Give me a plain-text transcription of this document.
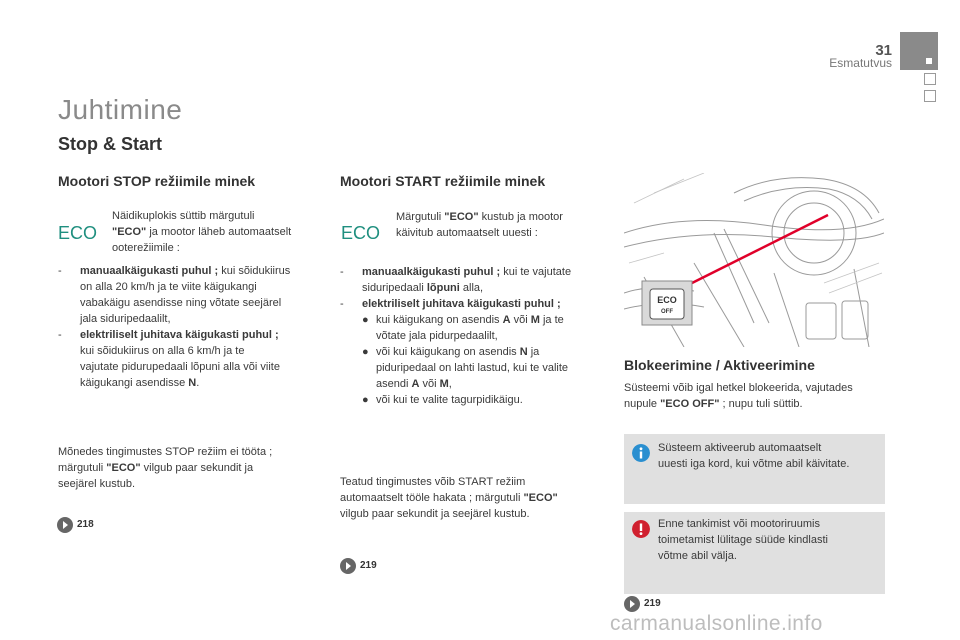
31
Esmatutvus
Juhtimine
Stop & Start
Mootori STOP režiimile minek
ECO
Näidikuplokis süttib märgutuli
"ECO" ja mootor läheb automaatselt
ooterežiimile :
-	manuaalkäigukasti puhul ; kui sõidukiirus
on alla 20 km/h ja te viite käigukangi
vabakäigu asendisse ning võtate seejärel
jala siduripedaalilt,
-	elektriliselt juhitava käigukasti puhul ;
kui sõidukiirus on alla 6 km/h ja te
vajutate pidurupedaali lõpuni alla või viite
käigukangi asendisse N.
Mõnedes tingimustes STOP režiim ei tööta ;
märgutuli "ECO" vilgub paar sekundit ja
seejärel kustub.
218
Mootori START režiimile minek
ECO
Märgutuli "ECO" kustub ja mootor
käivitub automaatselt uuesti :
-	manuaalkäigukasti puhul ; kui te vajutate
siduripedaali lõpuni alla,
-	elektriliselt juhitava käigukasti puhul ;
● kui käigukang on asendis A või M ja te
võtate jala pidurpedaalilt,
● või kui käigukang on asendis N ja
piduripedaal on lahti lastud, kui te valite
asendi A või M,
● või kui te valite tagurpidikäigu.
Teatud tingimustes võib START režiim
automaatselt tööle hakata ; märgutuli "ECO"
vilgub paar sekundit ja seejärel kustub.
219
ECO
OFF
Blokeerimine / Aktiveerimine
Süsteemi võib igal hetkel blokeerida, vajutades
nupule "ECO OFF" ; nupu tuli süttib.
Süsteem aktiveerub automaatselt
uuesti iga kord, kui võtme abil käivitate.
Enne tankimist või mootoriruumis
toimetamist lülitage süüde kindlasti
võtme abil välja.
219
carmanualsonline.info
